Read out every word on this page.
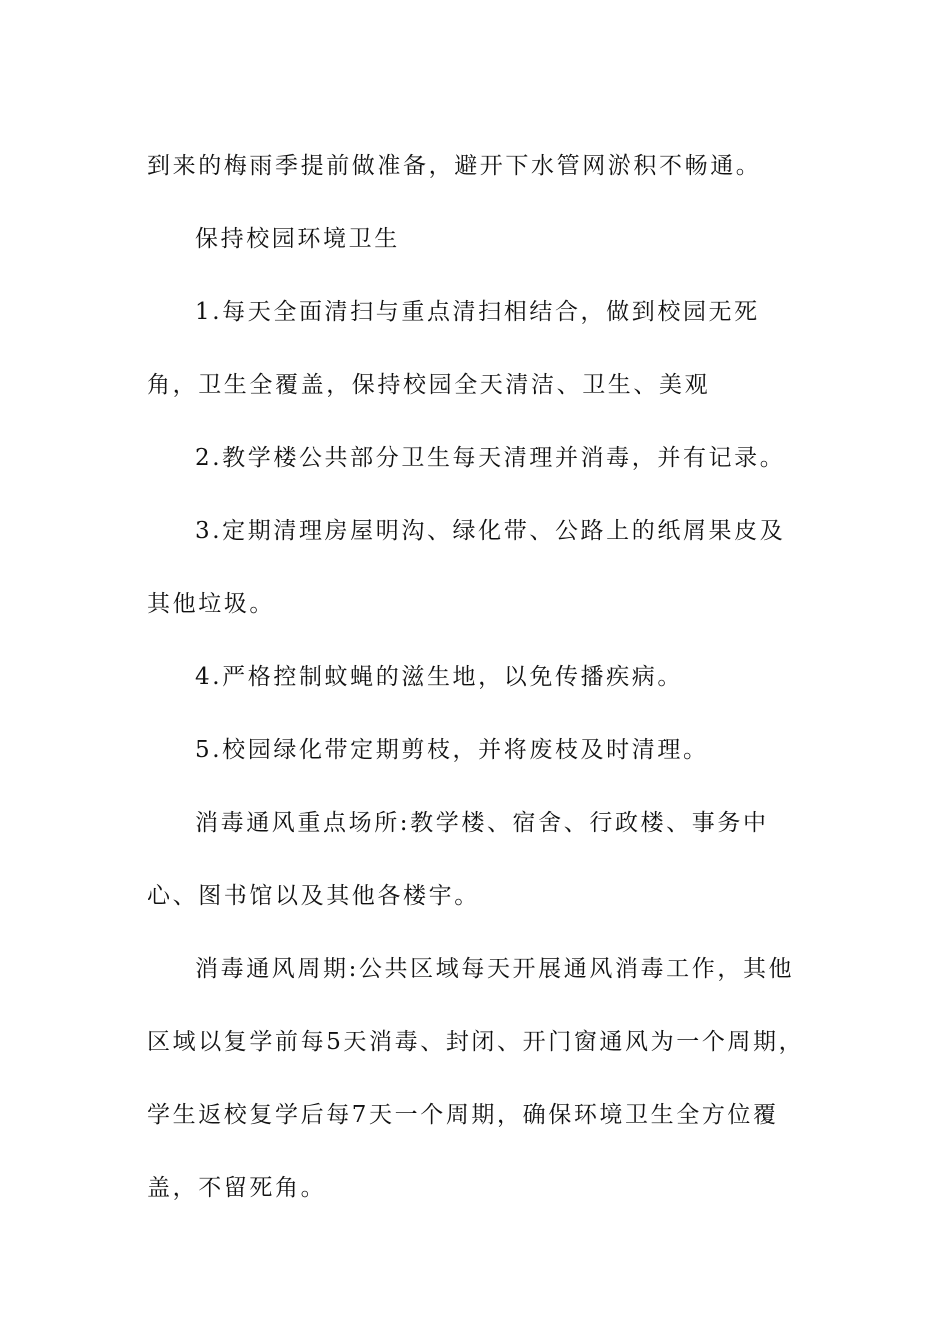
到来的梅雨季提前做准备，避开下水管网淤积不畅通。

保持校园环境卫生

1.每天全面清扫与重点清扫相结合，做到校园无死角，卫生全覆盖，保持校园全天清洁、卫生、美观

2.教学楼公共部分卫生每天清理并消毒，并有记录。

3.定期清理房屋明沟、绿化带、公路上的纸屑果皮及其他垃圾。

4.严格控制蚊蝇的滋生地，以免传播疾病。

5.校园绿化带定期剪枝，并将废枝及时清理。

消毒通风重点场所:教学楼、宿舍、行政楼、事务中心、图书馆以及其他各楼宇。

消毒通风周期:公共区域每天开展通风消毒工作，其他区域以复学前每5天消毒、封闭、开门窗通风为一个周期，学生返校复学后每7天一个周期，确保环境卫生全方位覆盖，不留死角。
